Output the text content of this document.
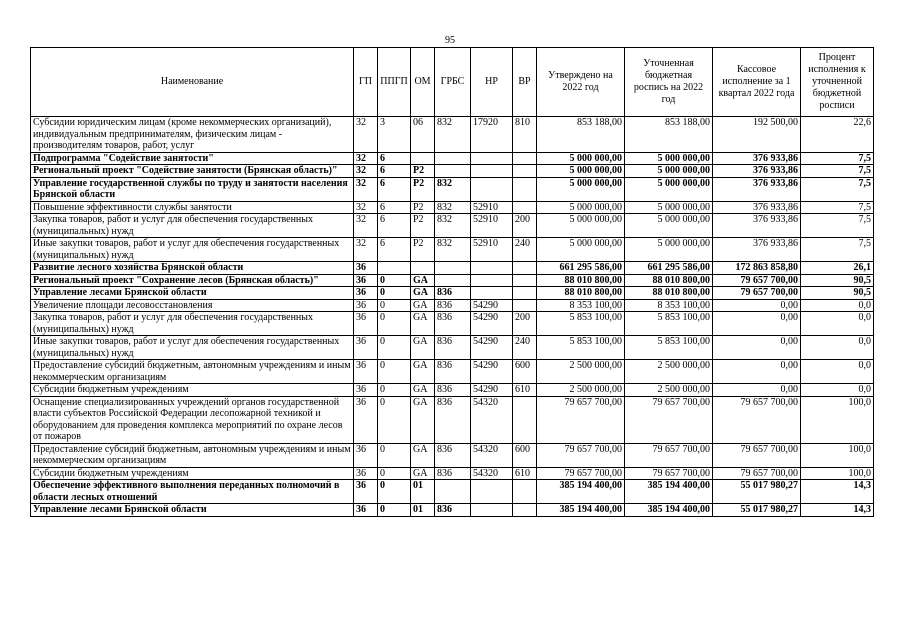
95
Наименование	ГП	ППГП	ОМ	ГРБС	НР	ВР	Утверждено на 2022 год	Уточненная бюджетная роспись на 2022 год	Кассовое исполнение за 1 квартал 2022 года	Процент исполнения к уточненной бюджетной росписи
Субсидии юридическим лицам (кроме некоммерческих организаций), индивидуальным предпринимателям, физическим лицам - производителям товаров, работ, услуг	32	3	06	832	17920	810	853 188,00	853 188,00	192 500,00	22,6
Подпрограмма "Содействие занятости"	32	6					5 000 000,00	5 000 000,00	376 933,86	7,5
Региональный проект "Содействие занятости (Брянская область)"	32	6	P2				5 000 000,00	5 000 000,00	376 933,86	7,5
Управление государственной службы по труду и занятости населения Брянской области	32	6	P2	832			5 000 000,00	5 000 000,00	376 933,86	7,5
Повышение эффективности службы занятости	32	6	P2	832	52910		5 000 000,00	5 000 000,00	376 933,86	7,5
Закупка товаров, работ и услуг для обеспечения государственных (муниципальных) нужд	32	6	P2	832	52910	200	5 000 000,00	5 000 000,00	376 933,86	7,5
Иные закупки товаров, работ и услуг для обеспечения государственных (муниципальных) нужд	32	6	P2	832	52910	240	5 000 000,00	5 000 000,00	376 933,86	7,5
Развитие лесного хозяйства Брянской области	36						661 295 586,00	661 295 586,00	172 863 858,80	26,1
Региональный проект "Сохранение лесов (Брянская область)"	36	0	GA				88 010 800,00	88 010 800,00	79 657 700,00	90,5
Управление лесами Брянской области	36	0	GA	836			88 010 800,00	88 010 800,00	79 657 700,00	90,5
Увеличение площади лесовосстановления	36	0	GA	836	54290		8 353 100,00	8 353 100,00	0,00	0,0
Закупка товаров, работ и услуг для обеспечения государственных (муниципальных) нужд	36	0	GA	836	54290	200	5 853 100,00	5 853 100,00	0,00	0,0
Иные закупки товаров, работ и услуг для обеспечения государственных (муниципальных) нужд	36	0	GA	836	54290	240	5 853 100,00	5 853 100,00	0,00	0,0
Предоставление субсидий бюджетным, автономным учреждениям и иным некоммерческим организациям	36	0	GA	836	54290	600	2 500 000,00	2 500 000,00	0,00	0,0
Субсидии бюджетным учреждениям	36	0	GA	836	54290	610	2 500 000,00	2 500 000,00	0,00	0,0
Оснащение специализированных учреждений органов государственной власти субъектов Российской Федерации лесопожарной техникой и оборудованием для проведения комплекса мероприятий по охране лесов от пожаров	36	0	GA	836	54320		79 657 700,00	79 657 700,00	79 657 700,00	100,0
Предоставление субсидий бюджетным, автономным учреждениям и иным некоммерческим организациям	36	0	GA	836	54320	600	79 657 700,00	79 657 700,00	79 657 700,00	100,0
Субсидии бюджетным учреждениям	36	0	GA	836	54320	610	79 657 700,00	79 657 700,00	79 657 700,00	100,0
Обеспечение эффективного выполнения переданных полномочий в области лесных отношений	36	0	01				385 194 400,00	385 194 400,00	55 017 980,27	14,3
Управление лесами Брянской области	36	0	01	836			385 194 400,00	385 194 400,00	55 017 980,27	14,3
